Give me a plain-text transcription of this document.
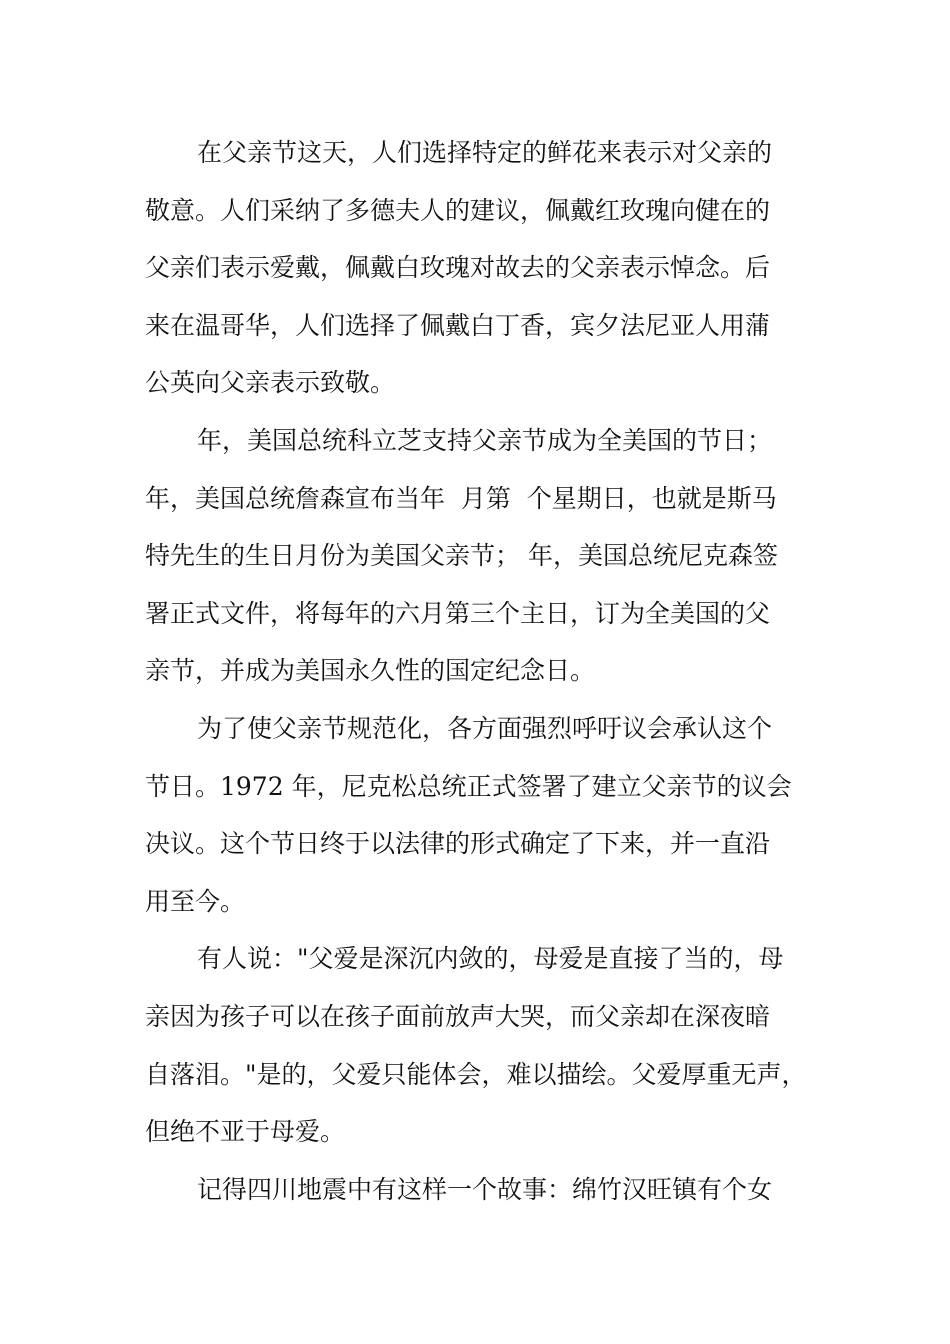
在父亲节这天，人们选择特定的鲜花来表示对父亲的
敬意。人们采纳了多德夫人的建议，佩戴红玫瑰向健在的
父亲们表示爱戴，佩戴白玫瑰对故去的父亲表示悼念。后
来在温哥华，人们选择了佩戴白丁香，宾夕法尼亚人用蒲
公英向父亲表示致敬。
年，美国总统科立芝支持父亲节成为全美国的节日；
年，美国总统詹森宣布当年  月第  个星期日，也就是斯马
特先生的生日月份为美国父亲节； 年，美国总统尼克森签
署正式文件，将每年的六月第三个主日，订为全美国的父
亲节，并成为美国永久性的国定纪念日。
为了使父亲节规范化，各方面强烈呼吁议会承认这个
节日。1972 年，尼克松总统正式签署了建立父亲节的议会
决议。这个节日终于以法律的形式确定了下来，并一直沿
用至今。
有人说："父爱是深沉内敛的，母爱是直接了当的，母
亲因为孩子可以在孩子面前放声大哭，而父亲却在深夜暗
自落泪。"是的，父爱只能体会，难以描绘。父爱厚重无声，
但绝不亚于母爱。
记得四川地震中有这样一个故事：绵竹汉旺镇有个女
